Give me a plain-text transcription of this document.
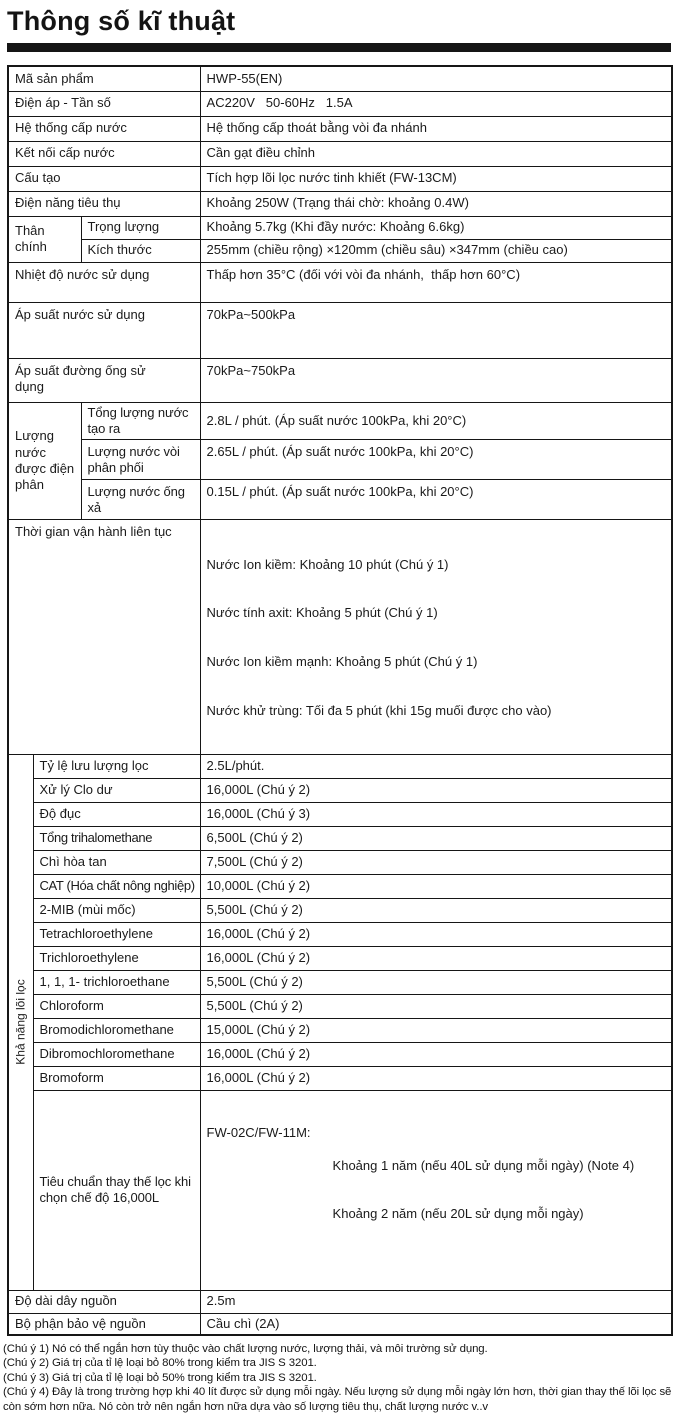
Thông số kĩ thuật
Mã sản phẩm			HWP-55(EN)
Điện áp - Tần số			AC220V   50-60Hz   1.5A
Hệ thống cấp nước			Hệ thống cấp thoát bằng vòi đa nhánh
Kết nối cấp nước			Cần gạt điều chỉnh
Cấu tạo			Tích hợp lõi lọc nước tinh khiết (FW-13CM)
Điện năng tiêu thụ			Khoảng 250W (Trạng thái chờ: khoảng 0.4W)
Thân chính		Trọng lượng	Khoảng 5.7kg (Khi đầy nước: Khoảng 6.6kg)
		Kích thước	255mm (chiều rộng) ×120mm (chiều sâu) ×347mm (chiều cao)
Nhiệt độ nước sử dụng			Thấp hơn 35°C (đối với vòi đa nhánh,  thấp hơn 60°C)
Áp suất nước sử dụng			70kPa~500kPa

Áp suất đường ống sử dụng			70kPa~750kPa

Lượng nước được điện phân		Tổng lượng nước tạo ra	2.8L / phút. (Áp suất nước 100kPa, khi 20°C)
		Lượng nước vòi phân phối	2.65L / phút. (Áp suất nước 100kPa, khi 20°C)
		Lượng nước ống xả	0.15L / phút. (Áp suất nước 100kPa, khi 20°C)
Thời gian vận hành liên tục			Nước Ion kiềm: Khoảng 10 phút (Chú ý 1)

Nước tính axit: Khoảng 5 phút (Chú ý 1)

Nước Ion kiềm mạnh: Khoảng 5 phút (Chú ý 1)

Nước khử trùng: Tối đa 5 phút (khi 15g muối được cho vào)

Khả năng lõi lọc	Tỷ lệ lưu lượng lọc		2.5L/phút.
	Xử lý Clo dư		16,000L (Chú ý 2)
	Độ đục		16,000L (Chú ý 3)
	Tổng trihalomethane		6,500L (Chú ý 2)
	Chì hòa tan		7,500L (Chú ý 2)
	CAT (Hóa chất nông nghiệp)		10,000L (Chú ý 2)
	2-MIB (mùi mốc)		5,500L (Chú ý 2)
	Tetrachloroethylene		16,000L (Chú ý 2)
	Trichloroethylene		16,000L (Chú ý 2)
	1, 1, 1- trichloroethane		5,500L (Chú ý 2)
	Chloroform		5,500L (Chú ý 2)
	Bromodichloromethane		15,000L (Chú ý 2)
	Dibromochloromethane		16,000L (Chú ý 2)
	Bromoform		16,000L (Chú ý 2)
	Tiêu chuẩn thay thế lọc khi chọn chế độ 16,000L		FW-02C/FW-11M:

Khoảng 1 năm (nếu 40L sử dụng mỗi ngày) (Note 4)

Khoảng 2 năm (nếu 20L sử dụng mỗi ngày)

Độ dài dây nguồn			2.5m
Bộ phận bảo vệ nguồn			Cầu chì (2A)
(Chú ý 1) Nó có thể ngắn hơn tùy thuộc vào chất lượng nước, lượng thải, và môi trường sử dụng.
(Chú ý 2) Giá trị của tỉ lệ loại bỏ 80% trong kiểm tra JIS S 3201.
(Chú ý 3) Giá trị của tỉ lệ loại bỏ 50% trong kiểm tra JIS S 3201.
(Chú ý 4) Đây là trong trường hợp khi 40 lít được sử dụng mỗi ngày. Nếu lượng sử dụng mỗi ngày lớn hơn, thời gian thay thế lõi lọc sẽ còn sớm hơn nữa. Nó còn trở nên ngắn hơn nữa dựa vào số lượng tiêu thụ, chất lượng nước v..v
